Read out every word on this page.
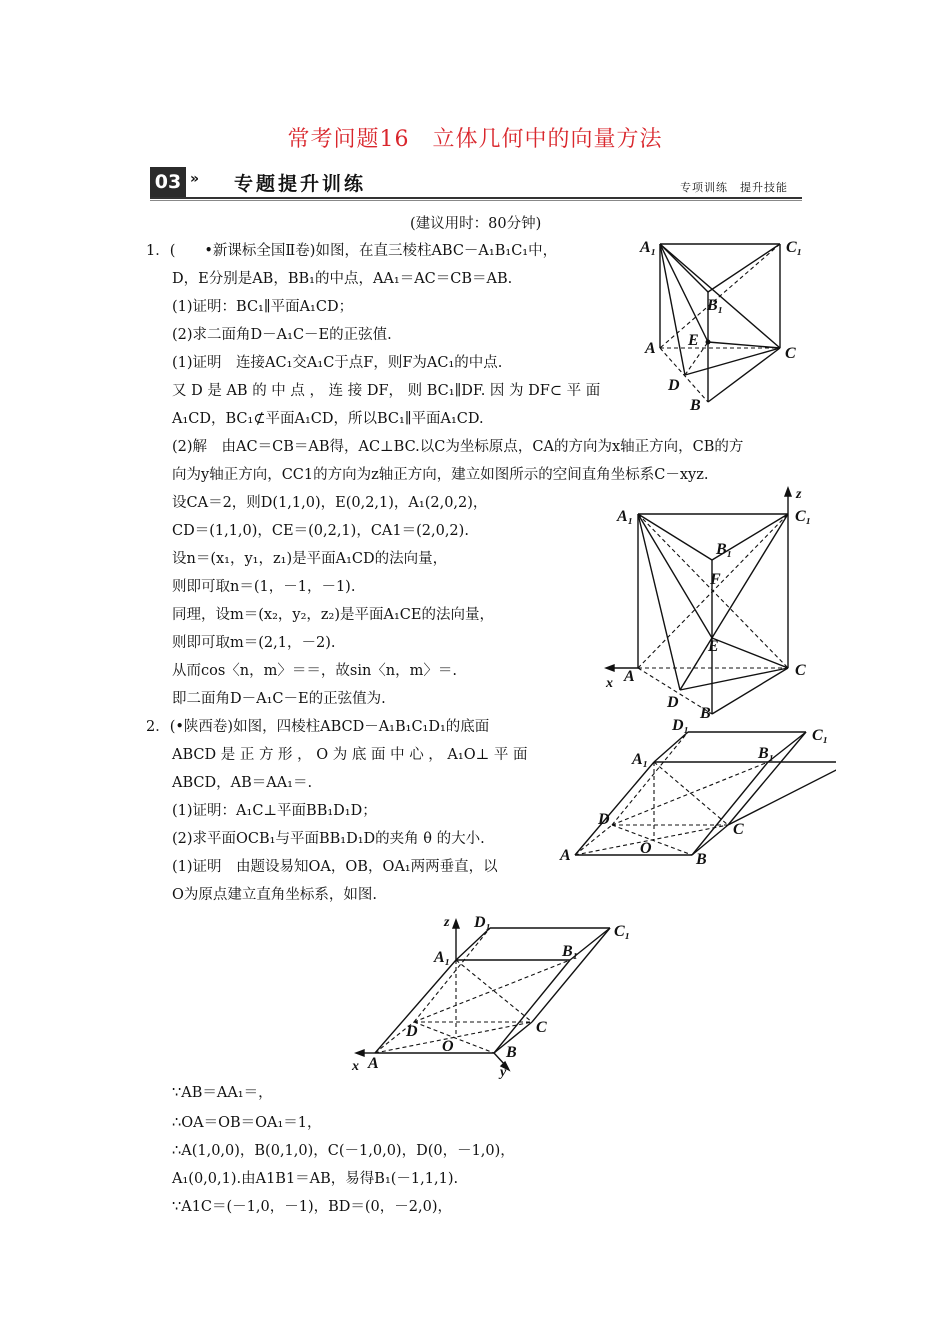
常考问题16　立体几何中的向量方法
03 » 专题提升训练	专项训练　提升技能
(建议用时：80分钟)
1．(　　•新课标全国Ⅱ卷)如图，在直三棱柱ABC－A₁B₁C₁中，
D，E分别是AB，BB₁的中点，AA₁＝AC＝CB＝AB.
(1)证明：BC₁∥平面A₁CD；
(2)求二面角D－A₁C－E的正弦值.
(1)证明　连接AC₁交A₁C于点F，则F为AC₁的中点.
又 D 是 AB 的 中 点 ， 连 接 DF， 则 BC₁∥DF. 因 为 DF⊂ 平 面
A₁CD，BC₁⊄平面A₁CD，所以BC₁∥平面A₁CD.
(2)解　由AC＝CB＝AB得，AC⊥BC.以C为坐标原点，CA的方向为x轴正方向，CB的方
向为y轴正方向，CC1的方向为z轴正方向，建立如图所示的空间直角坐标系C－xyz.
设CA＝2，则D(1,1,0)，E(0,2,1)，A₁(2,0,2)，
CD＝(1,1,0)，CE＝(0,2,1)，CA1＝(2,0,2).
设n＝(x₁，y₁，z₁)是平面A₁CD的法向量，
则即可取n＝(1，－1，－1).
同理，设m＝(x₂，y₂，z₂)是平面A₁CE的法向量，
则即可取m＝(2,1，－2).
从而cos〈n，m〉＝＝，故sin〈n，m〉＝.
即二面角D－A₁C－E的正弦值为.
2．(•陕西卷)如图，四棱柱ABCD－A₁B₁C₁D₁的底面
ABCD 是 正 方 形 ， O 为 底 面 中 心 ， A₁O⊥ 平 面
ABCD，AB＝AA₁＝.
(1)证明：A₁C⊥平面BB₁D₁D；
(2)求平面OCB₁与平面BB₁D₁D的夹角 θ 的大小.
(1)证明　由题设易知OA，OB，OA₁两两垂直，以
O为原点建立直角坐标系，如图.
∵AB＝AA₁＝，
∴OA＝OB＝OA₁＝1，
∴A(1,0,0)，B(0,1,0)，C(－1,0,0)，D(0，－1,0)，
A₁(0,0,1).由A1B1＝AB，易得B₁(－1,1,1).
∵A1C＝(－1,0，－1)，BD＝(0，－2,0)，
A₁	C₁
B₁
A E
C
D
B
z
A₁	C₁
B₁
F
E
A
x
C
D
B
D₁
C₁
A₁	B₁
D
C
A	O
B
z D₁
C₁
A₁	B₁
D	C
O
x A
B
y
